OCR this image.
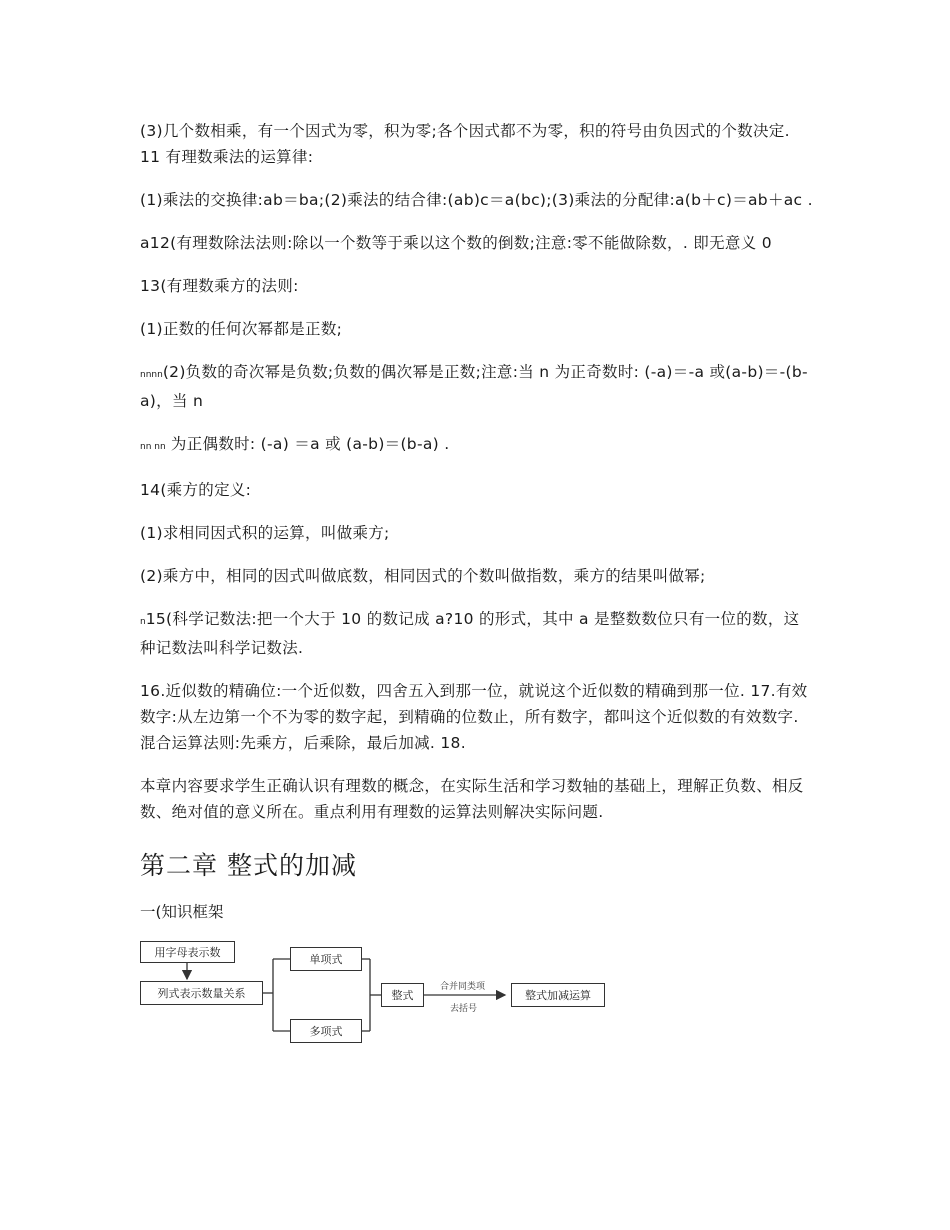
(3)几个数相乘，有一个因式为零，积为零;各个因式都不为零，积的符号由负因式的个数决定. 11 有理数乘法的运算律:

(1)乘法的交换律:ab＝ba;(2)乘法的结合律:(ab)c＝a(bc);(3)乘法的分配律:a(b＋c)＝ab＋ac .

a12(有理数除法法则:除以一个数等于乘以这个数的倒数;注意:零不能做除数，. 即无意义 0

13(有理数乘方的法则:

(1)正数的任何次幂都是正数;

nnnn(2)负数的奇次幂是负数;负数的偶次幂是正数;注意:当 n 为正奇数时: (-a)＝-a 或(a-b)＝-(b-a)，当 n

nn nn 为正偶数时: (-a) ＝a 或 (a-b)＝(b-a) .

14(乘方的定义:

(1)求相同因式积的运算，叫做乘方;

(2)乘方中，相同的因式叫做底数，相同因式的个数叫做指数，乘方的结果叫做幂;

n15(科学记数法:把一个大于 10 的数记成 a?10 的形式，其中 a 是整数数位只有一位的数，这种记数法叫科学记数法.

16.近似数的精确位:一个近似数，四舍五入到那一位，就说这个近似数的精确到那一位. 17.有效数字:从左边第一个不为零的数字起，到精确的位数止，所有数字，都叫这个近似数的有效数字. 混合运算法则:先乘方，后乘除，最后加减. 18.

本章内容要求学生正确认识有理数的概念，在实际生活和学习数轴的基础上，理解正负数、相反数、绝对值的意义所在。重点利用有理数的运算法则解决实际问题.

第二章 整式的加减

一(知识框架

用字母表示数
列式表示数量关系
单项式
多项式
整式	整式加减运算
合并同类项
去括号
